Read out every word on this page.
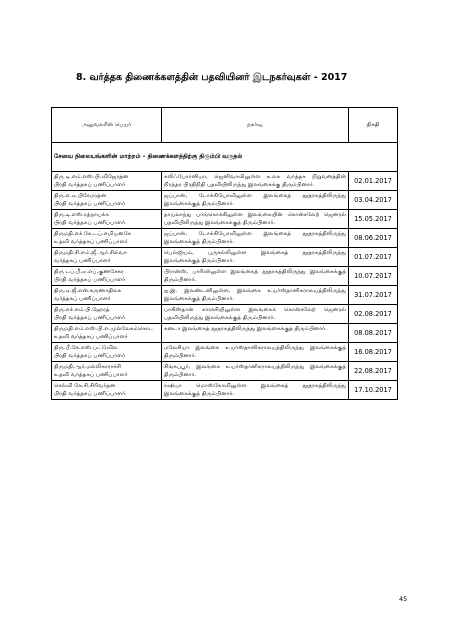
8. வர்த்தக திணைக்களத்தின் பதவியினர் இடநகர்வுகள் - 2017
அலுவலரின் பெயர்	நகர்வு	திகதி
சேவை நிலையங்களின் மாற்றம் – திணைக்களத்திற்கு திரும்பி வருதல்		

திரு டி.எம்.எஸ்.பி.விஜேரத்ன
பிரதி வர்த்தகப் பணிப்பாளர்	கலிஃபோர்னியா, ஜெனிவாவிலுள்ள உலக வர்த்தக நிறுவனத்தின் நிரந்தர பிரதிநிதி பதவியிலிருந்து இலங்கைக்கு திரும்பினார்.	02.01.2017

திரு.எ.ஏ.பிரேமரத்ன
பிரதி வர்த்தகப் பணிப்பாளர்	ஜப்பான், டோக்கியோவிலுள்ள இலங்கைத் தூதரகத்திலிருந்து இலங்கைக்குத் திரும்பினார்.	03.04.2017

திரு.டி.எஸ்.ரத்நாயக்க
பிரதி வர்த்தகப் பணிப்பாளர்	தாய்லாந்து பாங்கொக்கிலுள்ள இலங்கையின் கொன்சலேற் ஜெனரல் பதவியிலிருந்து இலங்கைக்குத் திரும்பினார்.	15.05.2017

திருமதி.எச்.கே.டப்.எமியனகே
உதவி வர்த்தகப் பணிப்பாளர்	ஜப்பான், டோக்கியோவிலுள்ள இலங்கைத் தூதரகத்திலிருந்து இலங்கைக்குத் திரும்பினார்.	08.06.2017

திருமதி.சி.எம்.ஜீ.ஆர்.சில்வா
வர்த்தகப் பணிப்பாளர்	பெல்ஜியம், புருசல்லிலுள்ள இலங்கைத் தூதரகத்திலிருந்து இலங்கைக்குத் திரும்பினார்.	01.07.2017

திரு டப்.பீ.ஏ.எப்.குணசேகர
பிரதி வர்த்தகப் பணிப்பாளர்	பிரான்ஸ், பாரிஸிலுள்ள இலங்கைத் தூதரகத்திலிருந்து இலங்கைக்குத் திரும்பினார்.	10.07.2017

திரு.ஏ.ஜீ.என்.கருணாதிலக
வர்த்தகப் பணிப்பாளர்	ஐ.இ. இலண்டனிலுள்ள, இலங்கை உயர்ஸ்தானிகராலயத்திலிருந்து இலங்கைக்குத் திரும்பினார்.	31.07.2017

திரு.எச்.எம்.பி.ஹேரத்
பிரதி வர்த்தகப் பணிப்பாளர்	பாகிஸ்தான் காரச்சியிலுள்ள இலங்கைக் கொன்சலேற் ஜெனரல் பதவியிலிருந்து இலங்கைக்குத் திரும்பினார்.	02.08.2017

திருமதி.எம்.எஸ்.பி.எ.முல்லேகம்கொட
உதவி வர்த்தகப் பணிப்பாளர்	கனடா இலங்கைத் தூதரகத்திலிருந்து இலங்கைக்குத் திரும்பினார்.	08.08.2017

திரு.பீ.கே.எஸ்.பட்டுவில
பிரதி வர்த்தகப் பணிப்பாளர்	மலேசியா இலங்கை உயர்ஸ்தானிகராலயத்திலிருந்து இலங்கைக்குத் திரும்பினார்.	16.08.2017

திருமதி.ஆர்.மல்லிகாராச்சி
உதவி வர்த்தகப் பணிப்பாளர்	சிங்கப்பூர், இலங்கை உயர்ஸ்தானிகராலயத்திலிருந்து இலங்கைக்குத் திரும்பினார்.	22.08.2017

செல்வி கே.சி.சிரிவர்தன
பிரதி வர்த்தகப் பணிப்பாளர்	ரஷியா மொஸ்கோவிலுள்ள இலங்கைத் தூதரகத்திலிருந்து இலங்கைக்குத் திரும்பினார்.	17.10.2017
45
